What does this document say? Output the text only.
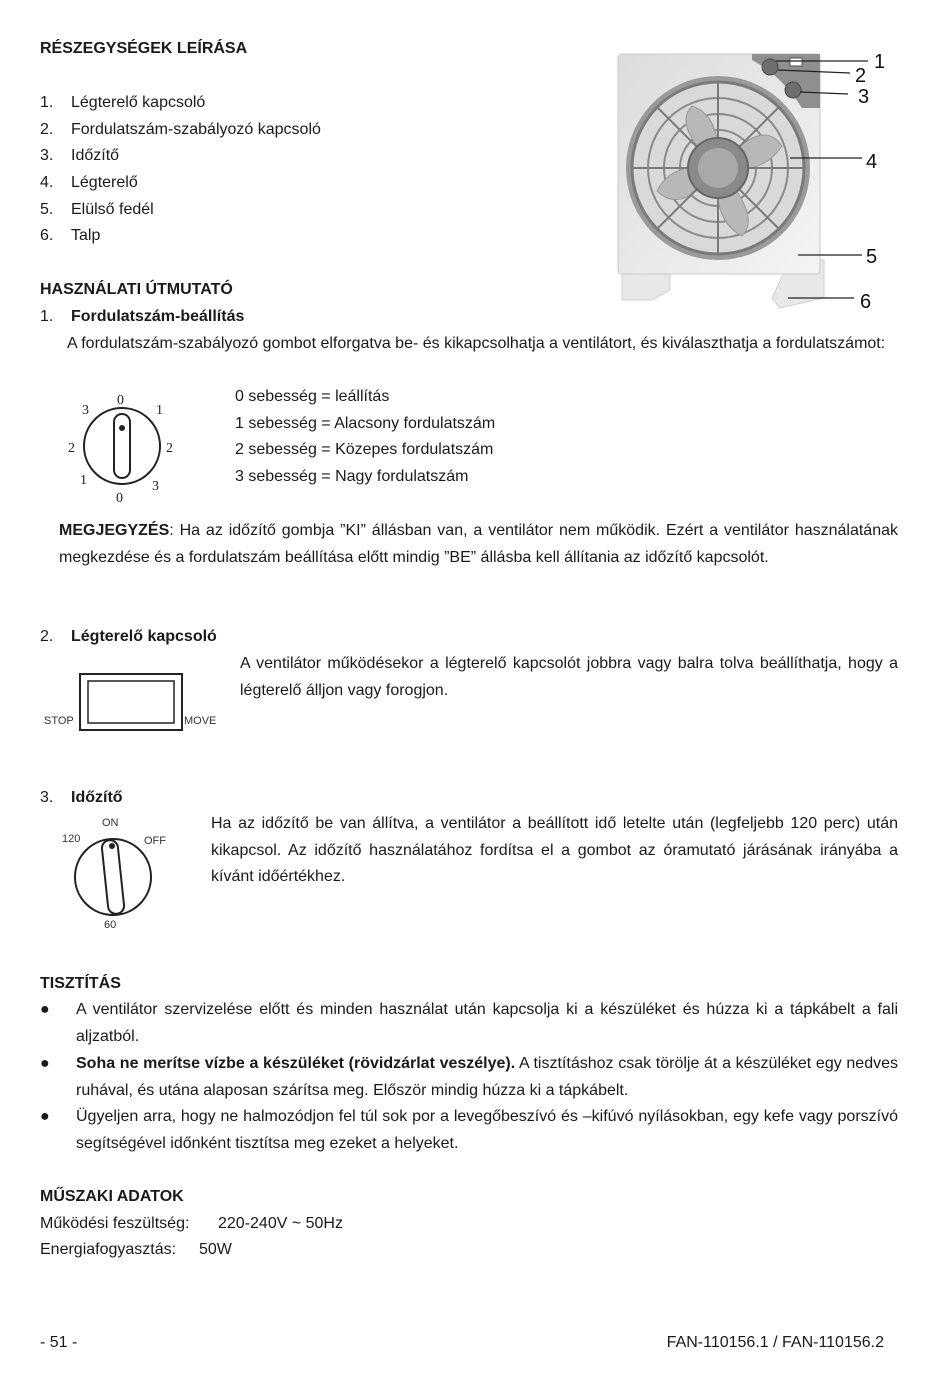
RÉSZEGYSÉGEK LEÍRÁSA
1. Légterelő kapcsoló
2. Fordulatszám-szabályozó kapcsoló
3. Időzítő
4. Légterelő
5. Elülső fedél
6. Talp
1
2
3
4
5
6
HASZNÁLATI ÚTMUTATÓ
1. Fordulatszám-beállítás
A fordulatszám-szabályozó gombot elforgatva be- és kikapcsolhatja a ventilátort, és kiválaszthatja a fordulatszámot:
0
1
2
3
2
1
0
3
0 sebesség = leállítás
1 sebesség = Alacsony fordulatszám
2 sebesség = Közepes fordulatszám
3 sebesség = Nagy fordulatszám
MEGJEGYZÉS: Ha az időzítő gombja ”KI” állásban van, a ventilátor nem működik. Ezért a ventilátor használatának megkezdése és a fordulatszám beállítása előtt mindig ”BE” állásba kell állítania az időzítő kapcsolót.
2. Légterelő kapcsoló
STOP	MOVE
A ventilátor működésekor a légterelő kapcsolót jobbra vagy balra tolva beállíthatja, hogy a légterelő álljon vagy forogjon.
3. Időzítő
ON
OFF
120
60
Ha az időzítő be van állítva, a ventilátor a beállított idő letelte után (legfeljebb 120 perc) után kikapcsol. Az időzítő használatához fordítsa el a gombot az óramutató járásának irányába a kívánt időértékhez.
TISZTÍTÁS
● A ventilátor szervizelése előtt és minden használat után kapcsolja ki a készüléket és húzza ki a tápkábelt a fali aljzatból.
● Soha ne merítse vízbe a készüléket (rövidzárlat veszélye). A tisztításhoz csak törölje át a készüléket egy nedves ruhával, és utána alaposan szárítsa meg. Először mindig húzza ki a tápkábelt.
● Ügyeljen arra, hogy ne halmozódjon fel túl sok por a levegőbeszívó és –kifúvó nyílásokban, egy kefe vagy porszívó segítségével időnként tisztítsa meg ezeket a helyeket.
MŰSZAKI ADATOK
Működési feszültség: 220-240V ~ 50Hz
Energiafogyasztás: 50W
- 51 -	FAN-110156.1 / FAN-110156.2
